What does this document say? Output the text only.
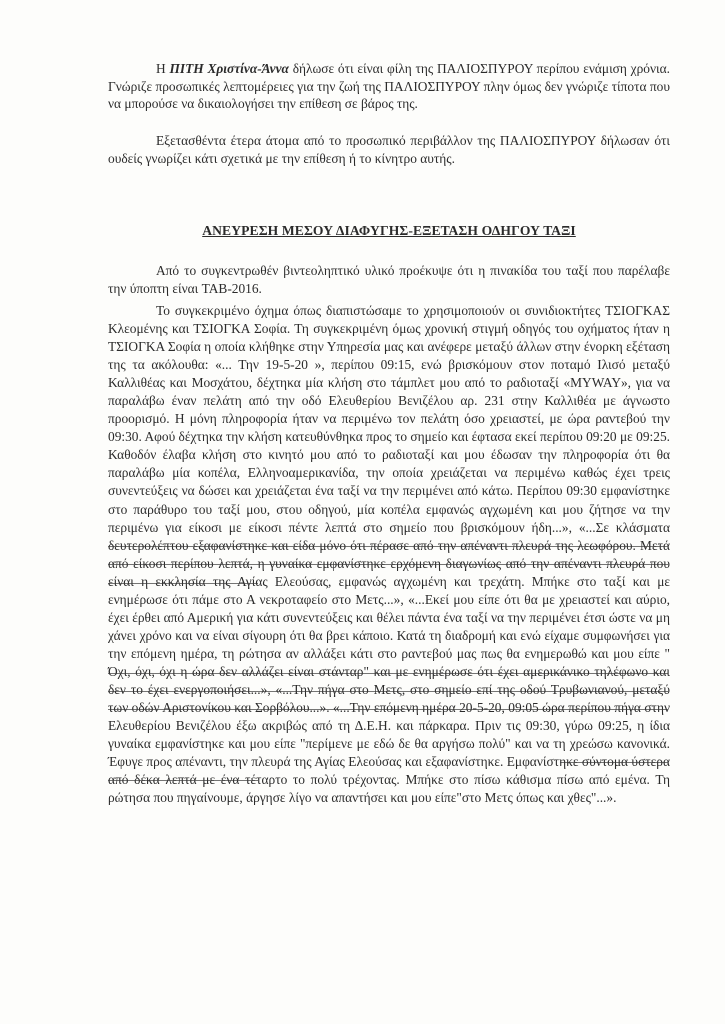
Η ΠΙΤΗ Χριστίνα-Άννα δήλωσε ότι είναι φίλη της ΠΑΛΙΟΣΠΥΡΟΥ περίπου ενάμιση χρόνια. Γνώριζε προσωπικές λεπτομέρειες για την ζωή της ΠΑΛΙΟΣΠΥΡΟΥ πλην όμως δεν γνώριζε τίποτα που να μπορούσε να δικαιολογήσει την επίθεση σε βάρος της.

Εξετασθέντα έτερα άτομα από το προσωπικό περιβάλλον της ΠΑΛΙΟΣΠΥΡΟΥ δήλωσαν ότι ουδείς γνωρίζει κάτι σχετικά με την επίθεση ή το κίνητρο αυτής.

ΑΝΕΥΡΕΣΗ ΜΕΣΟΥ ΔΙΑΦΥΓΗΣ-ΕΞΕΤΑΣΗ ΟΔΗΓΟΥ ΤΑΞΙ

Από το συγκεντρωθέν βιντεοληπτικό υλικό προέκυψε ότι η πινακίδα του ταξί που παρέλαβε την ύποπτη είναι TAB-2016.

Το συγκεκριμένο όχημα όπως διαπιστώσαμε το χρησιμοποιούν οι συνιδιοκτήτες ΤΣΙΟΓΚΑΣ Κλεομένης και ΤΣΙΟΓΚΑ Σοφία. Τη συγκεκριμένη όμως χρονική στιγμή οδηγός του οχήματος ήταν η ΤΣΙΟΓΚΑ Σοφία η οποία κλήθηκε στην Υπηρεσία μας και ανέφερε μεταξύ άλλων στην ένορκη εξέταση της τα ακόλουθα: «... Την 19-5-20 », περίπου 09:15, ενώ βρισκόμουν στον ποταμό Ιλισό μεταξύ Καλλιθέας και Μοσχάτου, δέχτηκα μία κλήση στο τάμπλετ μου από το ραδιοταξί «MYWAY», για να παραλάβω έναν πελάτη από την οδό Ελευθερίου Βενιζέλου αρ. 231 στην Καλλιθέα με άγνωστο προορισμό. Η μόνη πληροφορία ήταν να περιμένω τον πελάτη όσο χρειαστεί, με ώρα ραντεβού την 09:30. Αφού δέχτηκα την κλήση κατευθύνθηκα προς το σημείο και έφτασα εκεί περίπου 09:20 με 09:25. Καθοδόν έλαβα κλήση στο κινητό μου από το ραδιοταξί και μου έδωσαν την πληροφορία ότι θα παραλάβω μία κοπέλα, Ελληνοαμερικανίδα, την οποία χρειάζεται να περιμένω καθώς έχει τρεις συνεντεύξεις να δώσει και χρειάζεται ένα ταξί να την περιμένει από κάτω. Περίπου 09:30 εμφανίστηκε στο παράθυρο του ταξί μου, στου οδηγού, μία κοπέλα εμφανώς αγχωμένη και μου ζήτησε να την περιμένω για είκοσι με είκοσι πέντε λεπτά στο σημείο που βρισκόμουν ήδη...», «...Σε κλάσματα δευτερολέπτου εξαφανίστηκε και είδα μόνο ότι πέρασε από την απέναντι πλευρά της λεωφόρου. Μετά από είκοσι περίπου λεπτά, η γυναίκα εμφανίστηκε ερχόμενη διαγωνίως από την απέναντι πλευρά που είναι η εκκλησία της Αγίας Ελεούσας, εμφανώς αγχωμένη και τρεχάτη. Μπήκε στο ταξί και με ενημέρωσε ότι πάμε στο Α νεκροταφείο στο Μετς...», «...Εκεί μου είπε ότι θα με χρειαστεί και αύριο, έχει έρθει από Αμερική για κάτι συνεντεύξεις και θέλει πάντα ένα ταξί να την περιμένει έτσι ώστε να μη χάνει χρόνο και να είναι σίγουρη ότι θα βρει κάποιο. Κατά τη διαδρομή και ενώ είχαμε συμφωνήσει για την επόμενη ημέρα, τη ρώτησα αν αλλάξει κάτι στο ραντεβού μας πως θα ενημερωθώ και μου είπε " Όχι, όχι, όχι η ώρα δεν αλλάζει είναι στάνταρ" και με ενημέρωσε ότι έχει αμερικάνικο τηλέφωνο και δεν το έχει ενεργοποιήσει...», «...Την πήγα στο Μετς, στο σημείο επί της οδού Τρυβωνιανού, μεταξύ των οδών Αριστονίκου και Σορβόλου...». «...Την επόμενη ημέρα 20-5-20, 09:05 ώρα περίπου πήγα στην Ελευθερίου Βενιζέλου έξω ακριβώς από τη Δ.Ε.Η. και πάρκαρα. Πριν τις 09:30, γύρω 09:25, η ίδια γυναίκα εμφανίστηκε και μου είπε "περίμενε με εδώ δε θα αργήσω πολύ" και να τη χρεώσω κανονικά. Έφυγε προς απέναντι, την πλευρά της Αγίας Ελεούσας και εξαφανίστηκε. Εμφανίστηκε σύντομα ύστερα από δέκα λεπτά με ένα τέταρτο το πολύ τρέχοντας. Μπήκε στο πίσω κάθισμα πίσω από εμένα. Τη ρώτησα που πηγαίνουμε, άργησε λίγο να απαντήσει και μου είπε"στο Μετς όπως και χθες"...».
